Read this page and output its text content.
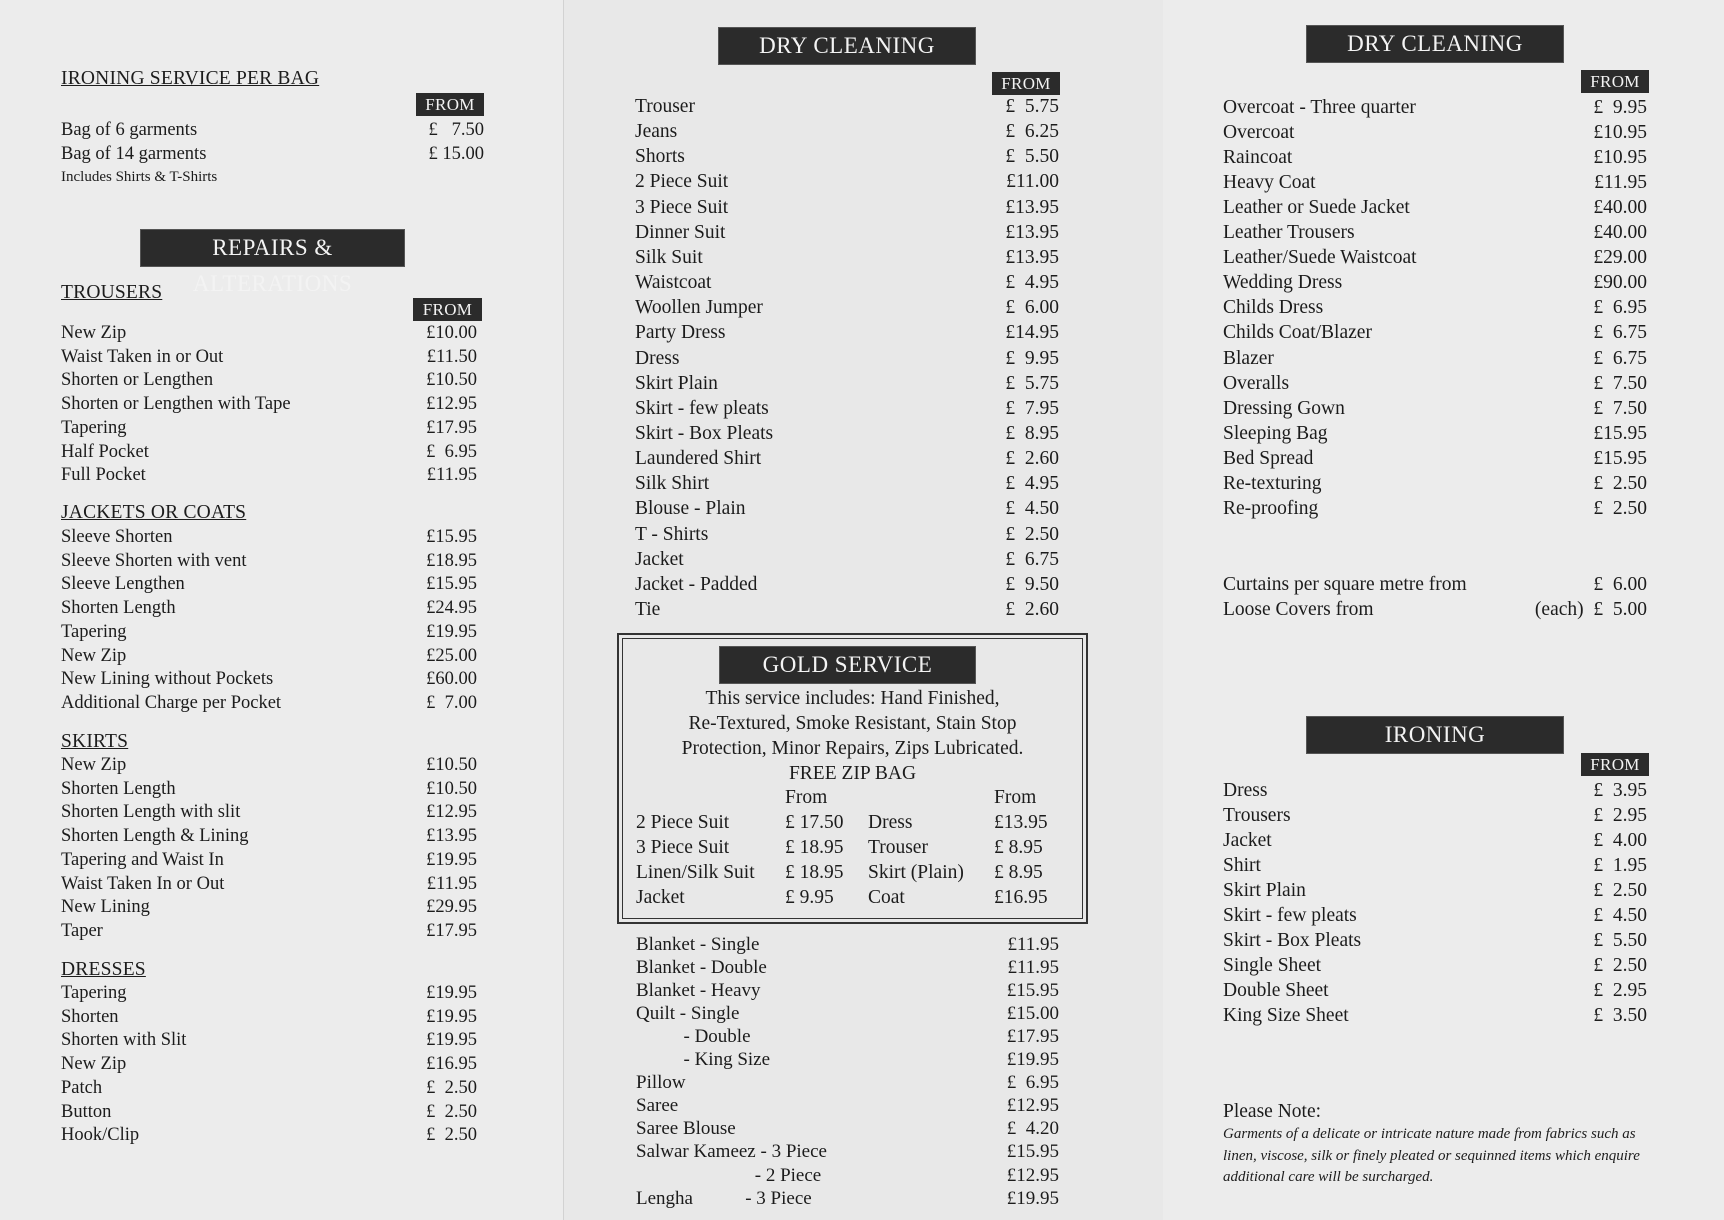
IRONING SERVICE PER BAG
FROM
Bag of 6 garments	£   7.50
Bag of 14 garments	£ 15.00
Includes Shirts & T-Shirts
REPAIRS & ALTERATIONS
TROUSERS
FROM
New Zip	£10.00
Waist Taken in or Out	£11.50
Shorten or Lengthen	£10.50
Shorten or Lengthen with Tape	£12.95
Tapering	£17.95
Half Pocket	£  6.95
Full Pocket	£11.95
JACKETS OR COATS
Sleeve Shorten	£15.95
Sleeve Shorten with vent	£18.95
Sleeve Lengthen	£15.95
Shorten Length	£24.95
Tapering	£19.95
New Zip	£25.00
New Lining without Pockets	£60.00
Additional Charge per Pocket	£  7.00
SKIRTS
New Zip	£10.50
Shorten Length	£10.50
Shorten Length with slit	£12.95
Shorten Length & Lining	£13.95
Tapering and Waist In	£19.95
Waist Taken In or Out	£11.95
New Lining	£29.95
Taper	£17.95
DRESSES
Tapering	£19.95
Shorten	£19.95
Shorten with Slit	£19.95
New Zip	£16.95
Patch	£  2.50
Button	£  2.50
Hook/Clip	£  2.50
DRY CLEANING
FROM
Trouser	£  5.75
Jeans	£  6.25
Shorts	£  5.50
2 Piece Suit	£11.00
3 Piece Suit	£13.95
Dinner Suit	£13.95
Silk Suit	£13.95
Waistcoat	£  4.95
Woollen Jumper	£  6.00
Party Dress	£14.95
Dress	£  9.95
Skirt Plain	£  5.75
Skirt - few pleats	£  7.95
Skirt - Box Pleats	£  8.95
Laundered Shirt	£  2.60
Silk Shirt	£  4.95
Blouse - Plain	£  4.50
T - Shirts	£  2.50
Jacket	£  6.75
Jacket - Padded	£  9.50
Tie	£  2.60
GOLD SERVICE
This service includes: Hand Finished,
Re-Textured, Smoke Resistant, Stain Stop
Protection, Minor Repairs, Zips Lubricated.
FREE ZIP BAG
From	From
2 Piece Suit	£ 17.50 Dress	£13.95
3 Piece Suit	£ 18.95 Trouser	£ 8.95
Linen/Silk Suit £ 18.95 Skirt (Plain) £ 8.95
Jacket	£ 9.95 Coat	£16.95
Blanket - Single	£11.95
Blanket - Double	£11.95
Blanket - Heavy	£15.95
Quilt - Single	£15.00
- Double	£17.95
- King Size	£19.95
Pillow	£  6.95
Saree	£12.95
Saree Blouse	£  4.20
Salwar Kameez - 3 Piece	£15.95
- 2 Piece	£12.95
Lengha           - 3 Piece	£19.95
DRY CLEANING
FROM
Overcoat - Three quarter	£  9.95
Overcoat	£10.95
Raincoat	£10.95
Heavy Coat	£11.95
Leather or Suede Jacket	£40.00
Leather Trousers	£40.00
Leather/Suede Waistcoat	£29.00
Wedding Dress	£90.00
Childs Dress	£  6.95
Childs Coat/Blazer	£  6.75
Blazer	£  6.75
Overalls	£  7.50
Dressing Gown	£  7.50
Sleeping Bag	£15.95
Bed Spread	£15.95
Re-texturing	£  2.50
Re-proofing	£  2.50
Curtains per square metre from	£  6.00
Loose Covers from	(each)  £  5.00
IRONING
FROM
Dress	£  3.95
Trousers	£  2.95
Jacket	£  4.00
Shirt	£  1.95
Skirt Plain	£  2.50
Skirt - few pleats	£  4.50
Skirt - Box Pleats	£  5.50
Single Sheet	£  2.50
Double Sheet	£  2.95
King Size Sheet	£  3.50
Please Note:
Garments of a delicate or intricate nature made from fabrics such as linen, viscose, silk or finely pleated or sequinned items which enquire additional care will be surcharged.
